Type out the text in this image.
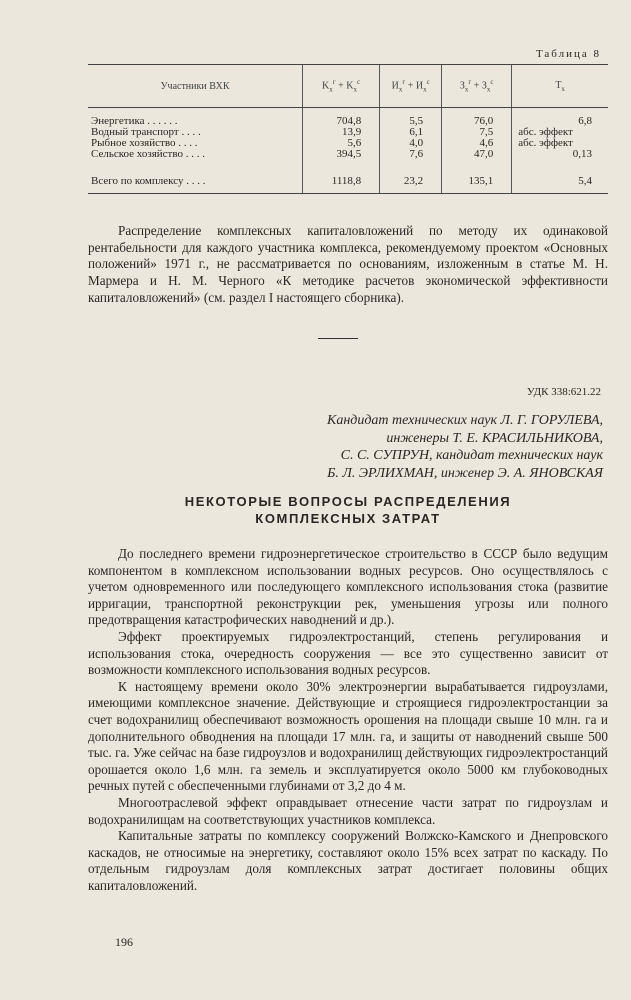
Таблица 8
Участники ВХК	$K_x^г + K_x^с$	$И_x^г + И_x^с$	$З_x^г + З_x^с$	$T_x$

Энергетика . . . . . .	704,8	5,5	76,0	6,8
Водный транспорт . . . .	13,9	6,1	7,5	абс. эффект
Рыбное хозяйство . . . .	5,6	4,0	4,6	абс. эффект
Сельское хозяйство . . . .	394,5	7,6	47,0	0,13

Всего по комплексу . . . .	1118,8	23,2	135,1	5,4

Распределение комплексных капиталовложений по методу их одинаковой рентабельности для каждого участника комплекса, рекомендуемому проектом «Основных положений» 1971 г., не рассматривается по основаниям, изложенным в статье М. Н. Мармера и Н. М. Черного «К методике расчетов экономической эффективности капиталовложений» (см. раздел I настоящего сборника).

УДК 338:621.22
Кандидат технических наук Л. Г. ГОРУЛЕВА,
инженеры Т. Е. КРАСИЛЬНИКОВА,
С. С. СУПРУН, кандидат технических наук
Б. Л. ЭРЛИХМАН, инженер Э. А. ЯНОВСКАЯ
НЕКОТОРЫЕ ВОПРОСЫ РАСПРЕДЕЛЕНИЯ
КОМПЛЕКСНЫХ ЗАТРАТ

До последнего времени гидроэнергетическое строительство в СССР было ведущим компонентом в комплексном использовании водных ресурсов. Оно осуществлялось с учетом одновременного или последующего комплексного использования стока (развитие ирригации, транспортной реконструкции рек, уменьшения угрозы или полного предотвращения катастрофических наводнений и др.).

Эффект проектируемых гидроэлектростанций, степень регулирования и использования стока, очередность сооружения — все это существенно зависит от возможности комплексного использования водных ресурсов.

К настоящему времени около 30% электроэнергии вырабатывается гидроузлами, имеющими комплексное значение. Действующие и строящиеся гидроэлектростанции за счет водохранилищ обеспечивают возможность орошения на площади свыше 10 млн. га и дополнительного обводнения на площади 17 млн. га, и защиты от наводнений свыше 500 тыс. га. Уже сейчас на базе гидроузлов и водохранилищ действующих гидроэлектростанций орошается около 1,6 млн. га земель и эксплуатируется около 5000 км глубоководных речных путей с обеспеченными глубинами от 3,2 до 4 м.

Многоотраслевой эффект оправдывает отнесение части затрат по гидроузлам и водохранилищам на соответствующих участников комплекса.

Капитальные затраты по комплексу сооружений Волжско-Камского и Днепровского каскадов, не относимые на энергетику, составляют около 15% всех затрат по каскаду. По отдельным гидроузлам доля комплексных затрат достигает половины общих капиталовложений.

196
